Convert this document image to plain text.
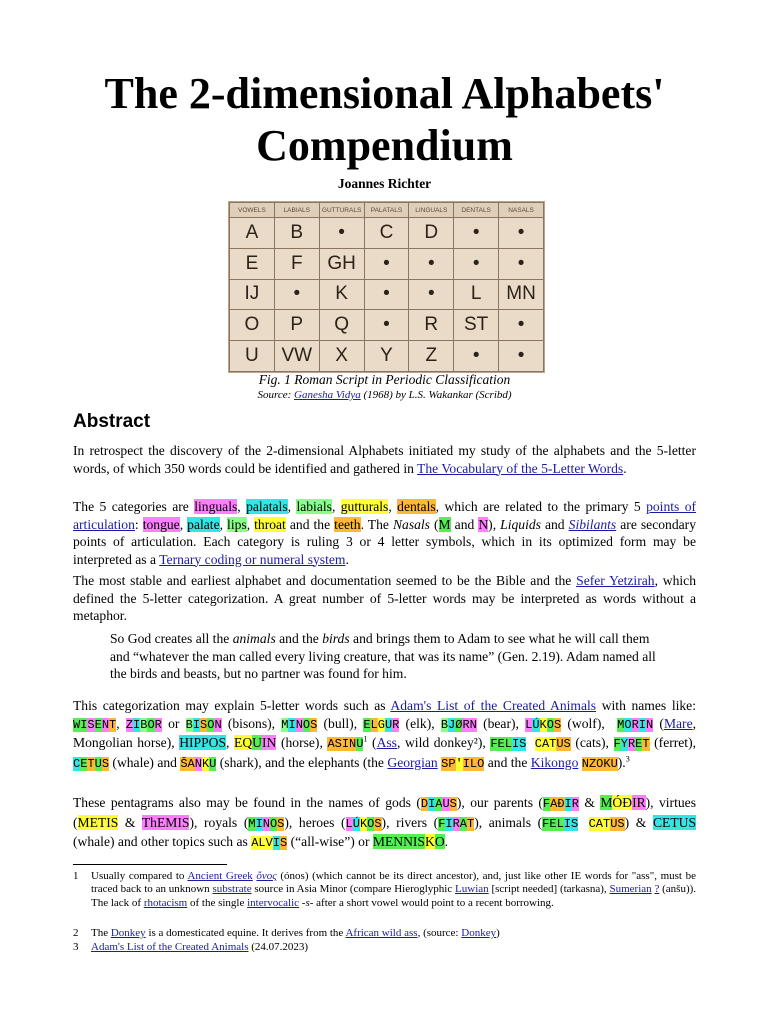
The 2-dimensional Alphabets' Compendium
Joannes Richter
VOWELS	LABIALS	GUTTURALS	PALATALS	LINGUALS	DENTALS	NASALS
A	B	•	C	D	•	•
E	F	GH	•	•	•	•
IJ	•	K	•	•	L	MN
O	P	Q	•	R	ST	•
U	VW	X	Y	Z	•	•
Fig. 1 Roman Script in Periodic Classification
Source: Ganesha Vidya (1968) by L.S. Wakankar (Scribd)
Abstract
In retrospect the discovery of the 2-dimensional Alphabets initiated my study of the alphabets and the 5-letter words, of which 350 words could be identified and gathered in The Vocabulary of the 5-Letter Words.
The 5 categories are linguals, palatals, labials, gutturals, dentals, which are related to the primary 5 points of articulation: tongue, palate, lips, throat and the teeth. The Nasals (M and N), Liquids and Sibilants are secondary points of articulation. Each category is ruling 3 or 4 letter symbols, which in its optimized form may be interpreted as a Ternary coding or numeral system.
The most stable and earliest alphabet and documentation seemed to be the Bible and the Sefer Yetzirah, which defined the 5-letter categorization. A great number of 5-letter words may be interpreted as words without a metaphor.
So God creates all the animals and the birds and brings them to Adam to see what he will call them and “whatever the man called every living creature, that was its name” (Gen. 2.19). Adam named all the birds and beasts, but no partner was found for him.
This categorization may explain 5-letter words such as Adam's List of the Created Animals with names like: WISENT, ZIBOR or BISON (bisons), MINOS (bull), ELGUR (elk), BJØRN (bear), LÚKOS (wolf),  MORIN (Mare, Mongolian horse), HIPPOS, EQUIN (horse), ASINU$^1$ (Ass, wild donkey²), FELIS CATUS (cats), FYRET (ferret), CETUS (whale) and ŠANKU (shark), and the elephants (the Georgian SP'ILO and the Kikongo NZOKU).$^3$
These pentagrams also may be found in the names of gods (DIAUS), our parents (FAÐIR & MÓÐIR), virtues (METIS & ThEMIS), royals (MINOS), heroes (LÚKOS), rivers (FIRAT), animals (FELIS CATUS) & CETUS (whale) and other topics such as ALVIS (“all-wise”) or MENNISKO.
1 Usually compared to Ancient Greek ὄνος (ónos) (which cannot be its direct ancestor), and, just like other IE words for "ass", must be traced back to an unknown substrate source in Asia Minor (compare Hieroglyphic Luwian [script needed] (tarkasna), Sumerian ? (anšu)). The lack of rhotacism of the single intervocalic -s- after a short vowel would point to a recent borrowing.
2 The Donkey is a domesticated equine. It derives from the African wild ass, (source: Donkey)
3 Adam's List of the Created Animals (24.07.2023)
